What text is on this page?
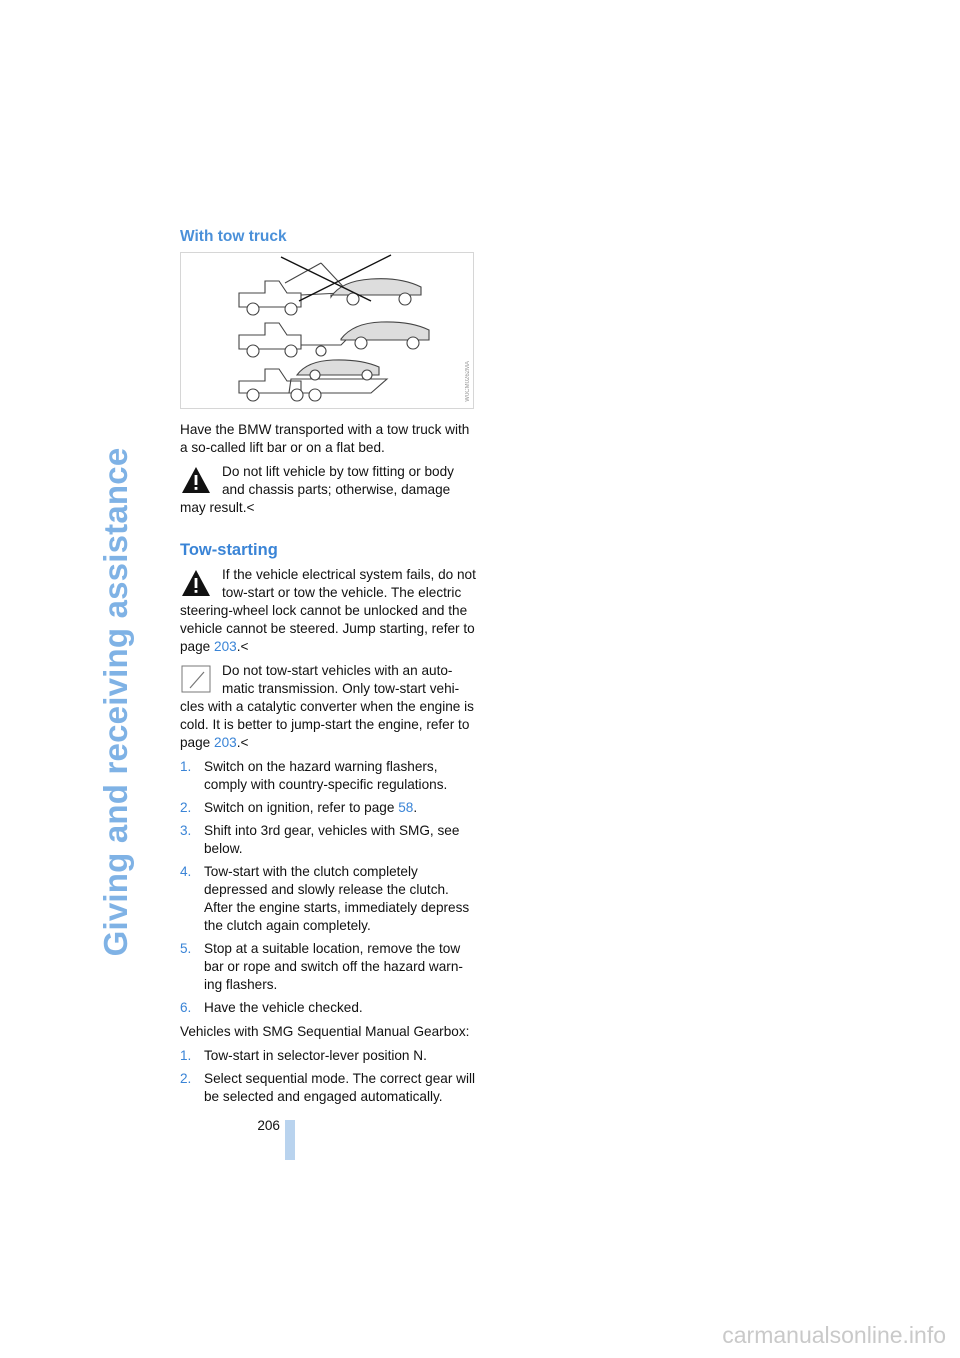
Giving and receiving assistance
With tow truck
W0CM0262MA

Have the BMW transported with a tow truck with a so-called lift bar or on a flat bed.

Do not lift vehicle by tow fitting or body and chassis parts; otherwise, damage may result.<

Tow-starting

If the vehicle electrical system fails, do not tow-start or tow the vehicle. The electric steering-wheel lock cannot be unlocked and the vehicle cannot be steered. Jump starting, refer to page 203.<

Do not tow-start vehicles with an auto-matic transmission. Only tow-start vehi-cles with a catalytic converter when the engine is cold. It is better to jump-start the engine, refer to page 203.<

1. Switch on the hazard warning flashers, comply with country-specific regulations.
2. Switch on ignition, refer to page 58.
3. Shift into 3rd gear, vehicles with SMG, see below.
4. Tow-start with the clutch completely depressed and slowly release the clutch. After the engine starts, immediately depress the clutch again completely.
5. Stop at a suitable location, remove the tow bar or rope and switch off the hazard warn-ing flashers.
6. Have the vehicle checked.

Vehicles with SMG Sequential Manual Gearbox:

1. Tow-start in selector-lever position N.
2. Select sequential mode. The correct gear will be selected and engaged automatically.
206
carmanualsonline.info
